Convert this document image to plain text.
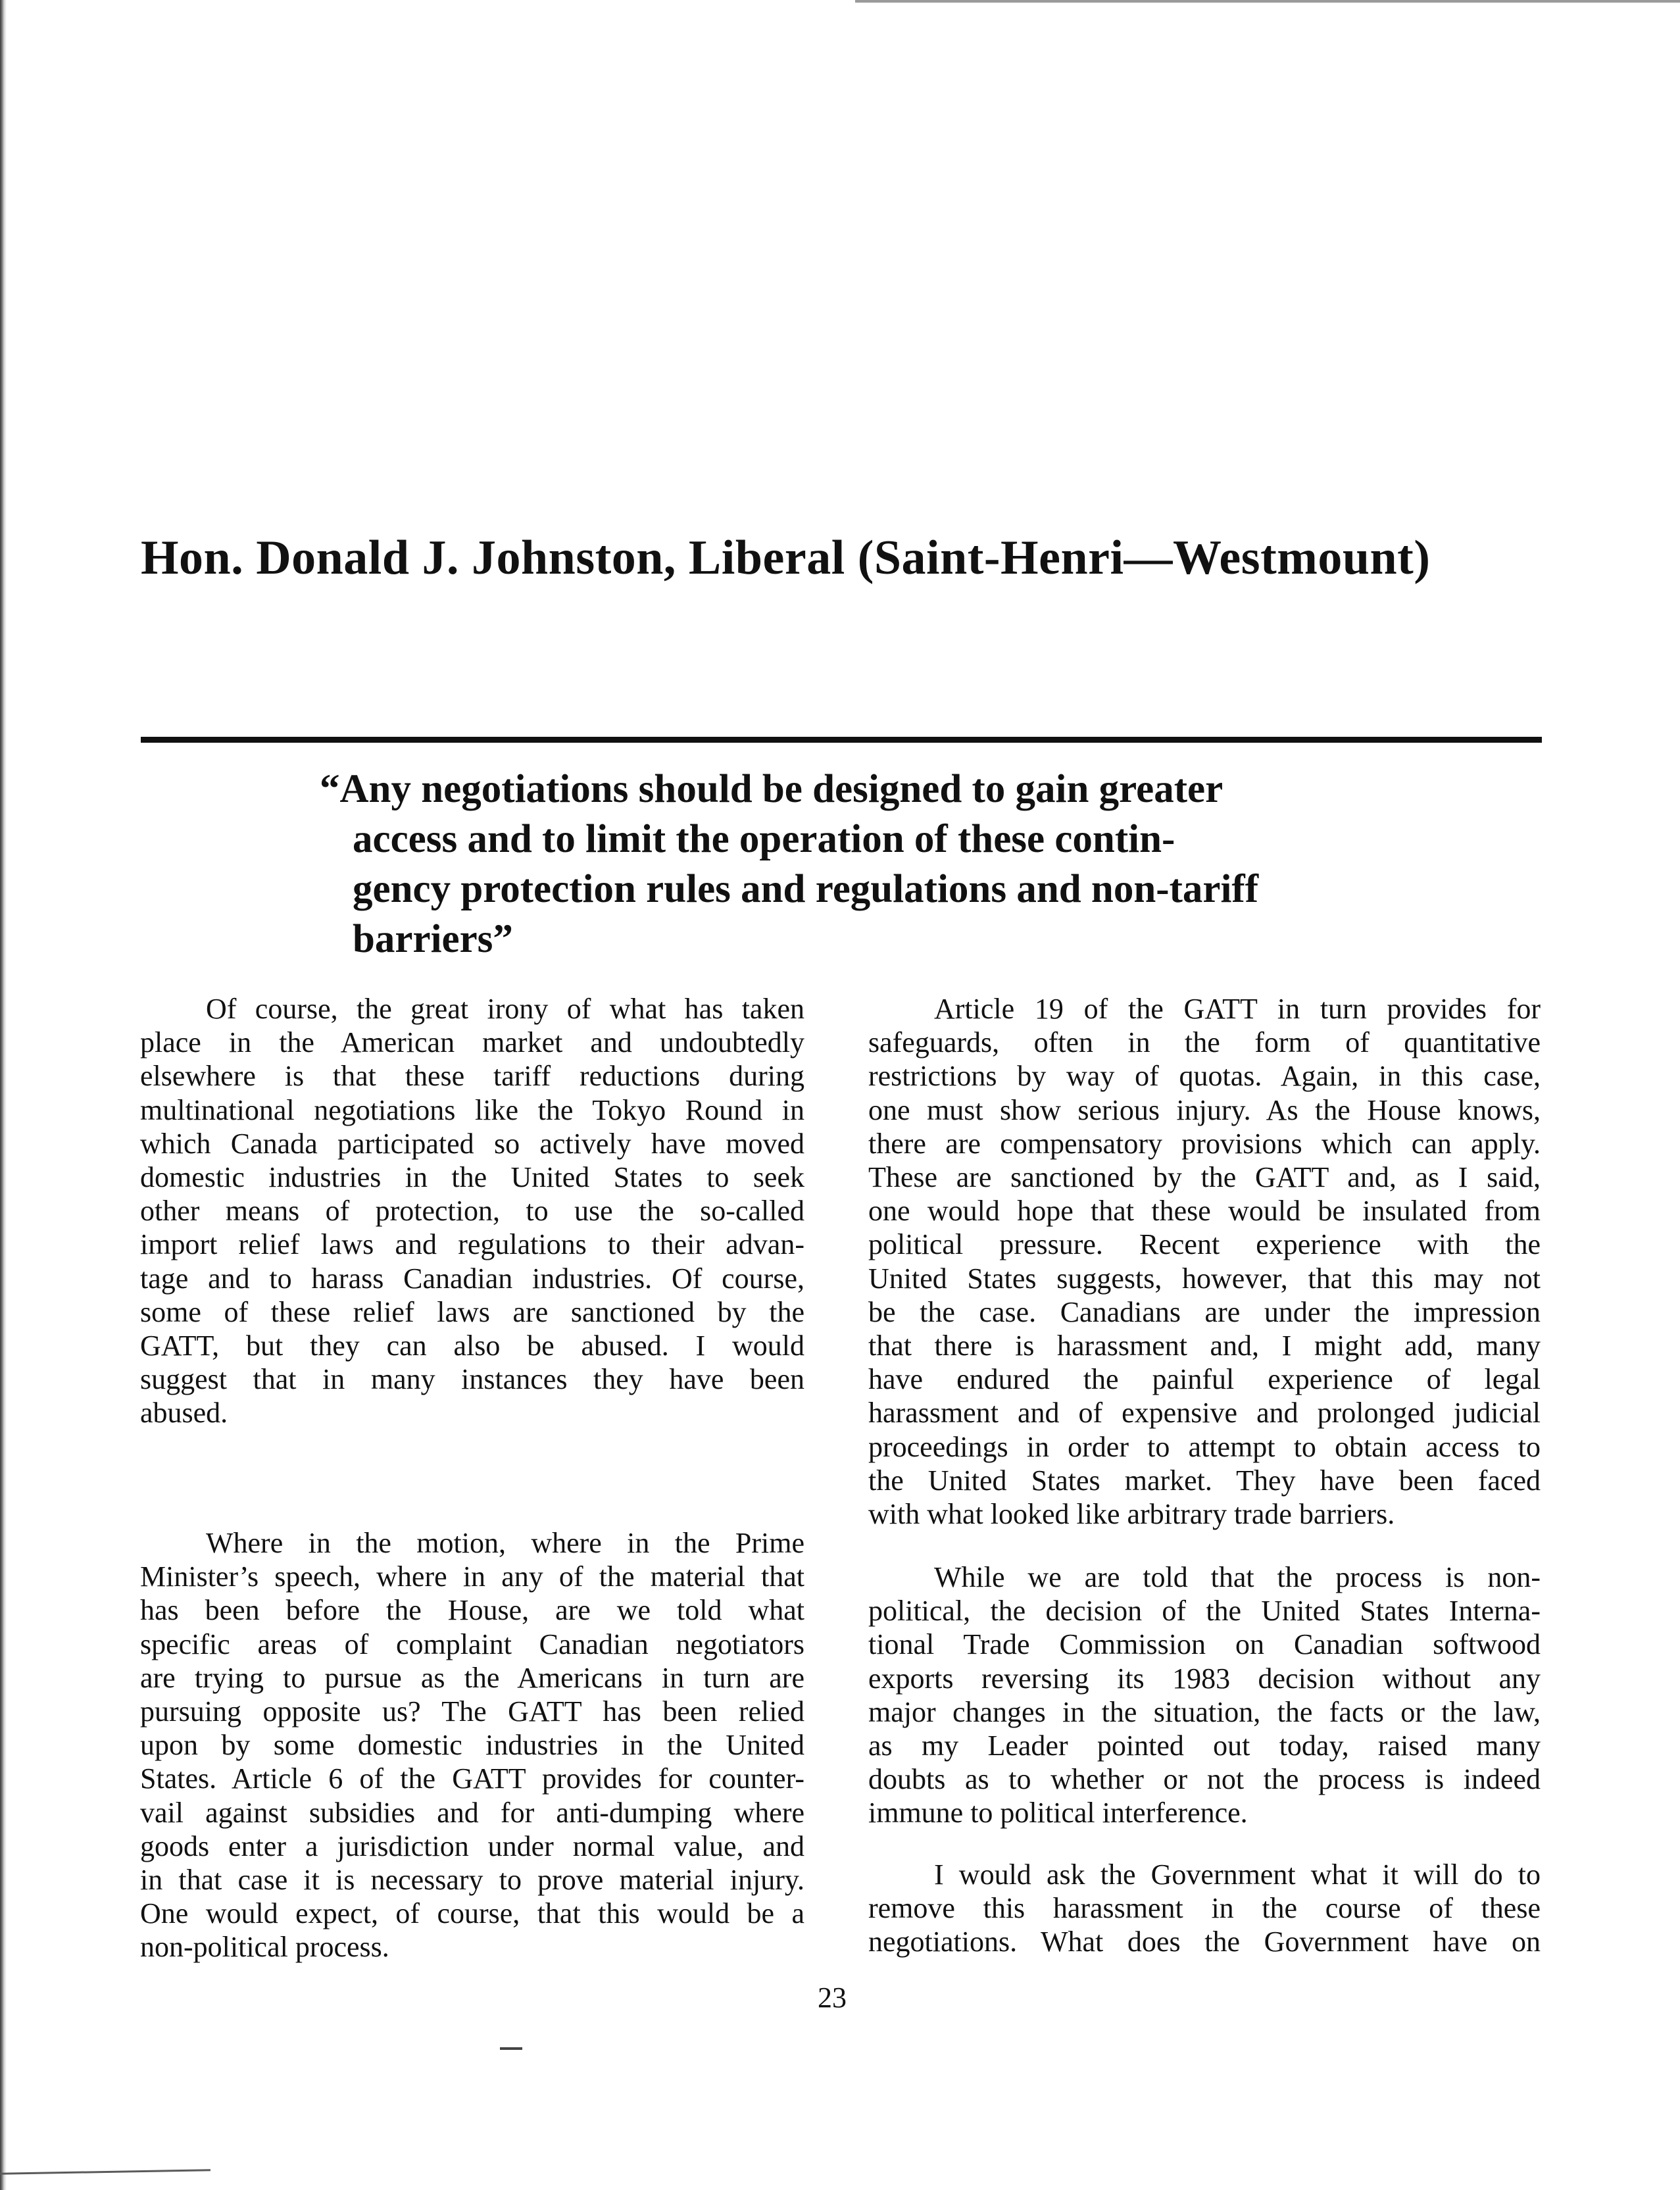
Hon. Donald J. Johnston, Liberal (Saint-Henri—Westmount)
“Any negotiations should be designed to gain greater
access and to limit the operation of these contin-
gency protection rules and regulations and non-tariff
barriers”
Of course, the great irony of what has taken
place in the American market and undoubtedly
elsewhere is that these tariff reductions during
multinational negotiations like the Tokyo Round in
which Canada participated so actively have moved
domestic industries in the United States to seek
other means of protection, to use the so-called
import relief laws and regulations to their advan-
tage and to harass Canadian industries. Of course,
some of these relief laws are sanctioned by the
GATT, but they can also be abused. I would
suggest that in many instances they have been
abused.
Where in the motion, where in the Prime
Minister’s speech, where in any of the material that
has been before the House, are we told what
specific areas of complaint Canadian negotiators
are trying to pursue as the Americans in turn are
pursuing opposite us? The GATT has been relied
upon by some domestic industries in the United
States. Article 6 of the GATT provides for counter-
vail against subsidies and for anti-dumping where
goods enter a jurisdiction under normal value, and
in that case it is necessary to prove material injury.
One would expect, of course, that this would be a
non-political process.
Article 19 of the GATT in turn provides for
safeguards, often in the form of quantitative
restrictions by way of quotas. Again, in this case,
one must show serious injury. As the House knows,
there are compensatory provisions which can apply.
These are sanctioned by the GATT and, as I said,
one would hope that these would be insulated from
political pressure. Recent experience with the
United States suggests, however, that this may not
be the case. Canadians are under the impression
that there is harassment and, I might add, many
have endured the painful experience of legal
harassment and of expensive and prolonged judicial
proceedings in order to attempt to obtain access to
the United States market. They have been faced
with what looked like arbitrary trade barriers.
While we are told that the process is non-
political, the decision of the United States Interna-
tional Trade Commission on Canadian softwood
exports reversing its 1983 decision without any
major changes in the situation, the facts or the law,
as my Leader pointed out today, raised many
doubts as to whether or not the process is indeed
immune to political interference.
I would ask the Government what it will do to
remove this harassment in the course of these
negotiations. What does the Government have on
23
